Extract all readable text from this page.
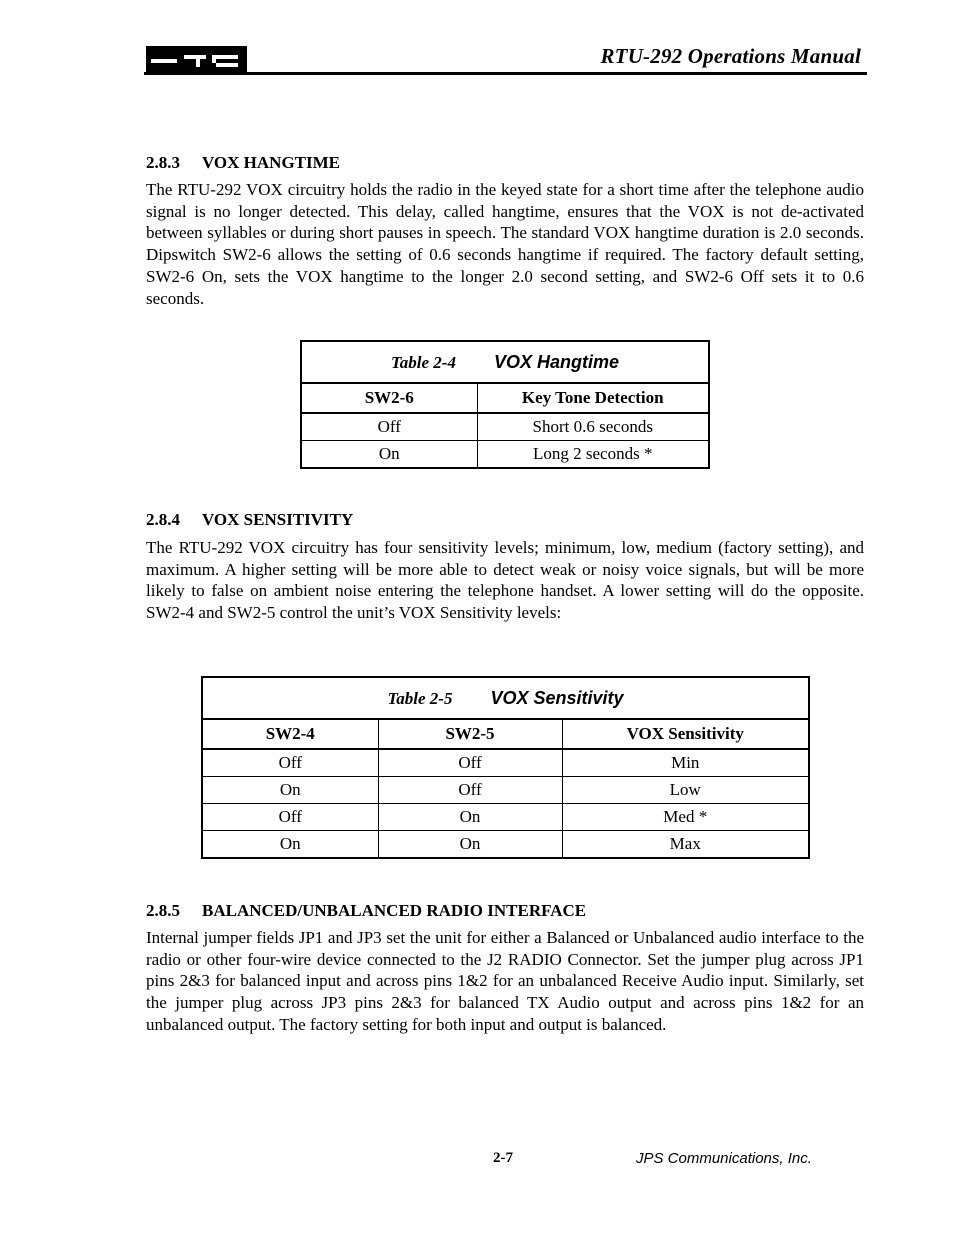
RTU-292 Operations Manual
2.8.3 VOX HANGTIME

The RTU-292 VOX circuitry holds the radio in the keyed state for a short time after the telephone audio signal is no longer detected. This delay, called hangtime, ensures that the VOX is not de-activated between syllables or during short pauses in speech. The standard VOX hangtime duration is 2.0 seconds. Dipswitch SW2-6 allows the setting of 0.6 seconds hangtime if required. The factory default setting, SW2-6 On, sets the VOX hangtime to the longer 2.0 second setting, and SW2-6 Off sets it to 0.6 seconds.

Table 2-4 VOX Hangtime	
SW2-6	Key Tone Detection
Off	Short 0.6 seconds
On	Long 2 seconds *
2.8.4 VOX SENSITIVITY

The RTU-292 VOX circuitry has four sensitivity levels; minimum, low, medium (factory setting), and maximum. A higher setting will be more able to detect weak or noisy voice signals, but will be more likely to false on ambient noise entering the telephone handset. A lower setting will do the opposite. SW2-4 and SW2-5 control the unit’s VOX Sensitivity levels:

Table 2-5 VOX Sensitivity		
SW2-4	SW2-5	VOX Sensitivity
Off	Off	Min
On	Off	Low
Off	On	Med *
On	On	Max
2.8.5 BALANCED/UNBALANCED RADIO INTERFACE

Internal jumper fields JP1 and JP3 set the unit for either a Balanced or Unbalanced audio interface to the radio or other four-wire device connected to the J2 RADIO Connector. Set the jumper plug across JP1 pins 2&3 for balanced input and across pins 1&2 for an unbalanced Receive Audio input. Similarly, set the jumper plug across JP3 pins 2&3 for balanced TX Audio output and across pins 1&2 for an unbalanced output. The factory setting for both input and output is balanced.

2-7	JPS Communications, Inc.
